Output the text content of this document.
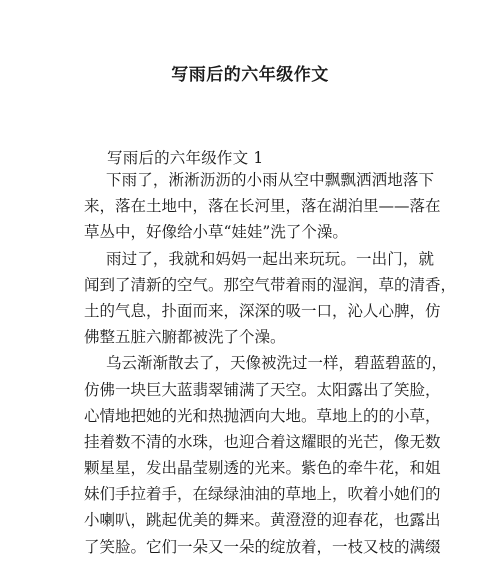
写雨后的六年级作文
写雨后的六年级作文 1
下雨了，淅淅沥沥的小雨从空中飘飘洒洒地落下
来，落在土地中，落在长河里，落在湖泊里——落在
草丛中，好像给小草“娃娃”洗了个澡。
雨过了，我就和妈妈一起出来玩玩。一出门，就
闻到了清新的空气。那空气带着雨的湿润，草的清香，
土的气息，扑面而来，深深的吸一口，沁人心脾，仿
佛整五脏六腑都被洗了个澡。
乌云渐渐散去了，天像被洗过一样，碧蓝碧蓝的，
仿佛一块巨大蓝翡翠铺满了天空。太阳露出了笑脸，
心情地把她的光和热抛洒向大地。草地上的的小草，
挂着数不清的水珠，也迎合着这耀眼的光芒，像无数
颗星星，发出晶莹剔透的光来。紫色的牵牛花，和姐
妹们手拉着手，在绿绿油油的草地上，吹着小她们的
小喇叭，跳起优美的舞来。黄澄澄的迎春花，也露出
了笑脸。它们一朵又一朵的绽放着，一枝又枝的满缀
